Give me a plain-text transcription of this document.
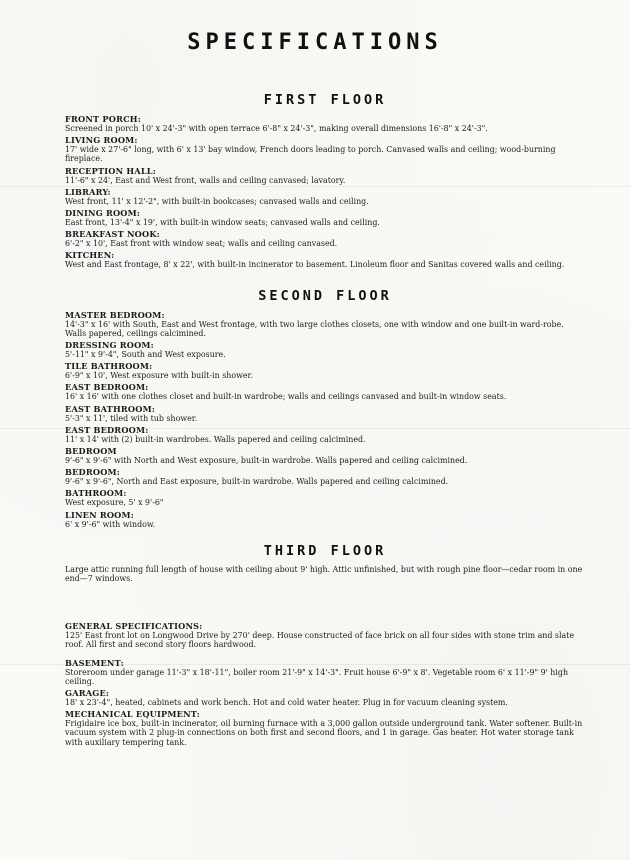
SPECIFICATIONS
FIRST FLOOR

FRONT PORCH:

Screened in porch 10' x 24'-3" with open terrace 6'-8" x 24'-3", making overall dimensions 16'-8" x 24'-3".

LIVING ROOM:

17' wide x 27'-6" long, with 6' x 13' bay window, French doors leading to porch. Canvased walls and ceiling; wood-burning fireplace.

RECEPTION HALL:

11'-6" x 24', East and West front, walls and ceiling canvased; lavatory.

LIBRARY:

West front, 11' x 12'-2", with built-in bookcases; canvased walls and ceiling.

DINING ROOM:

East front, 13'-4" x 19', with built-in window seats; canvased walls and ceiling.

BREAKFAST NOOK:

6'-2" x 10', East front with window seat; walls and ceiling canvased.

KITCHEN:

West and East frontage, 8' x 22', with built-in incinerator to basement. Linoleum floor and Sanitas covered walls and ceiling.

SECOND FLOOR

MASTER BEDROOM:

14'-3" x 16' with South, East and West frontage, with two large clothes closets, one with window and one built-in ward-robe. Walls papered, ceilings calcimined.

DRESSING ROOM:

5'-11" x 9'-4", South and West exposure.

TILE BATHROOM:

6'-9" x 10', West exposure with built-in shower.

EAST BEDROOM:

16' x 16' with one clothes closet and built-in wardrobe; walls and ceilings canvased and built-in window seats.

EAST BATHROOM:

5'-3" x 11', tiled with tub shower.

EAST BEDROOM:

11' x 14' with (2) built-in wardrobes. Walls papered and ceiling calcimined.

BEDROOM

9'-6" x 9'-6" with North and West exposure, built-in wardrobe. Walls papered and ceiling calcimined.

BEDROOM:

9'-6" x 9'-6", North and East exposure, built-in wardrobe. Walls papered and ceiling calcimined.

BATHROOM:

West exposure, 5' x 9'-6"

LINEN ROOM:

6' x 9'-6" with window.

THIRD FLOOR

Large attic running full length of house with ceiling about 9' high. Attic unfinished, but with rough pine floor—cedar room in one end—7 windows.

GENERAL SPECIFICATIONS:

125' East front lot on Longwood Drive by 270' deep. House constructed of face brick on all four sides with stone trim and slate roof. All first and second story floors hardwood.

BASEMENT:

Storeroom under garage 11'-3" x 18'-11", boiler room 21'-9" x 14'-3". Fruit house 6'-9" x 8'. Vegetable room 6' x 11'-9" 9' high ceiling.

GARAGE:

18' x 23'-4", heated, cabinets and work bench. Hot and cold water heater. Plug in for vacuum cleaning system.

MECHANICAL EQUIPMENT:

Frigidaire ice box, built-in incinerator, oil burning furnace with a 3,000 gallon outside underground tank. Water softener. Built-in vacuum system with 2 plug-in connections on both first and second floors, and 1 in garage. Gas heater. Hot water storage tank with auxiliary tempering tank.
